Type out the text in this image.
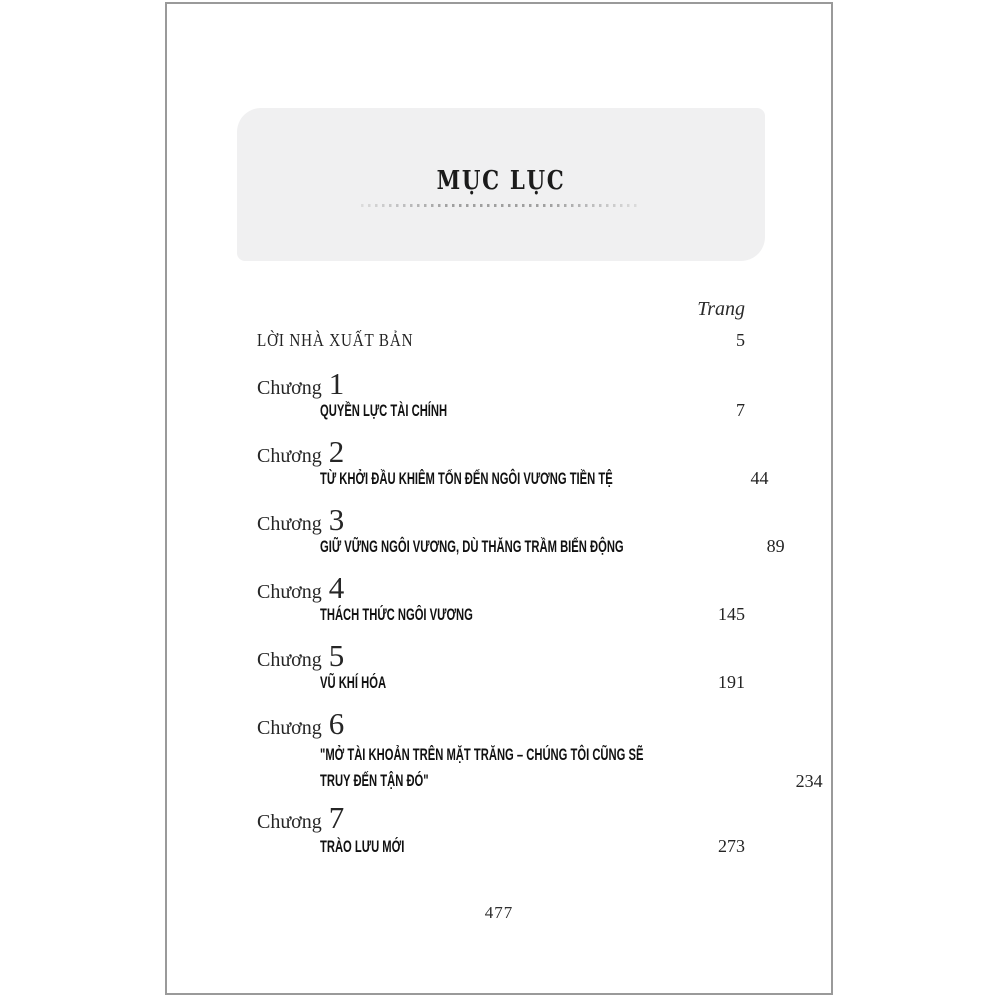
MỤC LỤC
Trang
LỜI NHÀ XUẤT BẢN	5
Chương 1
QUYỀN LỰC TÀI CHÍNH	7
Chương 2
TỪ KHỞI ĐẦU KHIÊM TỐN ĐẾN NGÔI VƯƠNG TIỀN TỆ	44
Chương 3
GIỮ VỮNG NGÔI VƯƠNG, DÙ THĂNG TRẦM BIẾN ĐỘNG	89
Chương 4
THÁCH THỨC NGÔI VƯƠNG	145
Chương 5
VŨ KHÍ HÓA	191
Chương 6
"MỞ TÀI KHOẢN TRÊN MẶT TRĂNG – CHÚNG TÔI CŨNG SẼ
TRUY ĐẾN TẬN ĐÓ"	234
Chương 7
TRÀO LƯU MỚI	273
477
